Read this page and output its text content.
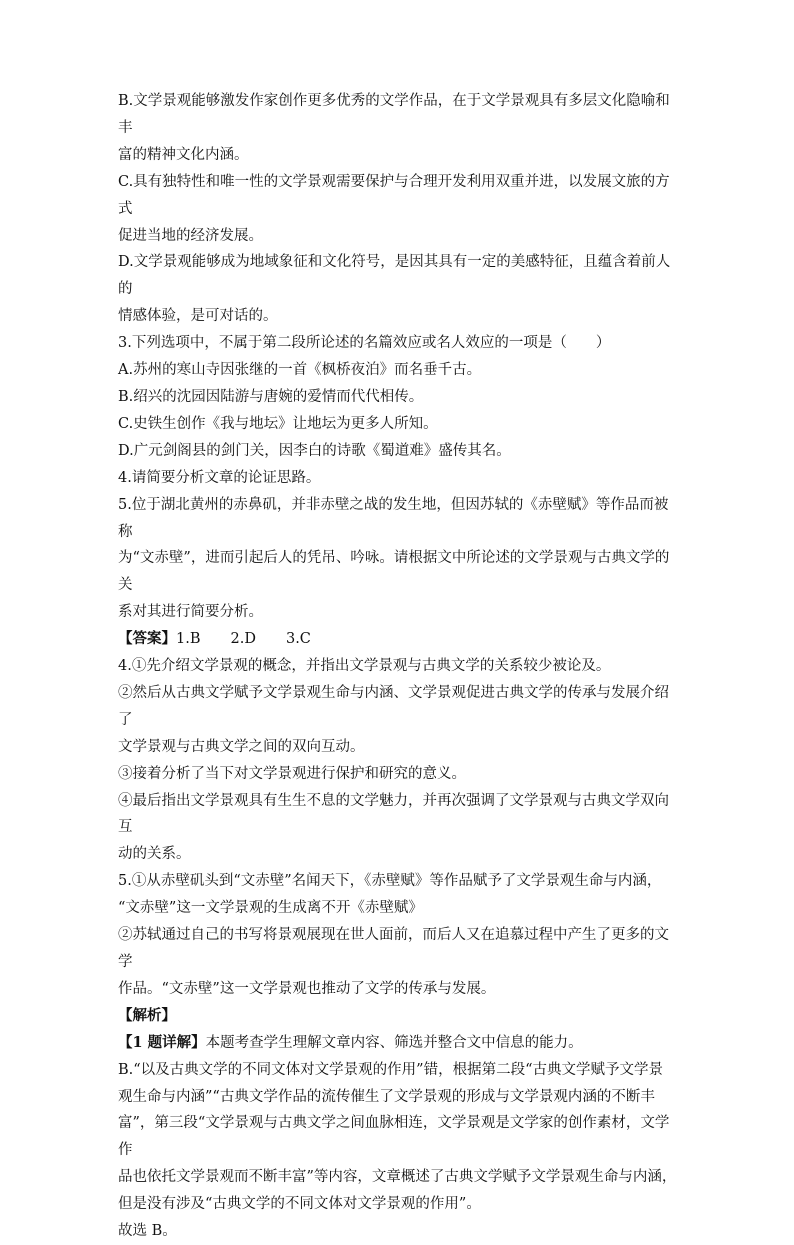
B.文学景观能够激发作家创作更多优秀的文学作品，在于文学景观具有多层文化隐喻和丰

富的精神文化内涵。

C.具有独特性和唯一性的文学景观需要保护与合理开发利用双重并进，以发展文旅的方式

促进当地的经济发展。

D.文学景观能够成为地域象征和文化符号，是因其具有一定的美感特征，且蕴含着前人的

情感体验，是可对话的。

3.下列选项中，不属于第二段所论述的名篇效应或名人效应的一项是（　　）

A.苏州的寒山寺因张继的一首《枫桥夜泊》而名垂千古。

B.绍兴的沈园因陆游与唐婉的爱情而代代相传。

C.史铁生创作《我与地坛》让地坛为更多人所知。

D.广元剑阁县的剑门关，因李白的诗歌《蜀道难》盛传其名。

4.请简要分析文章的论证思路。

5.位于湖北黄州的赤鼻矶，并非赤壁之战的发生地，但因苏轼的《赤壁赋》等作品而被称

为“文赤壁”，进而引起后人的凭吊、吟咏。请根据文中所论述的文学景观与古典文学的关

系对其进行简要分析。

【答案】1.B 2.D 3.C

4.①先介绍文学景观的概念，并指出文学景观与古典文学的关系较少被论及。

②然后从古典文学赋予文学景观生命与内涵、文学景观促进古典文学的传承与发展介绍了

文学景观与古典文学之间的双向互动。

③接着分析了当下对文学景观进行保护和研究的意义。

④最后指出文学景观具有生生不息的文学魅力，并再次强调了文学景观与古典文学双向互

动的关系。

5.①从赤壁矶头到“文赤壁”名闻天下，《赤壁赋》等作品赋予了文学景观生命与内涵，

“文赤壁”这一文学景观的生成离不开《赤壁赋》

②苏轼通过自己的书写将景观展现在世人面前，而后人又在追慕过程中产生了更多的文学

作品。“文赤壁”这一文学景观也推动了文学的传承与发展。

【解析】

【1 题详解】本题考查学生理解文章内容、筛选并整合文中信息的能力。

B.“以及古典文学的不同文体对文学景观的作用”错，根据第二段“古典文学赋予文学景

观生命与内涵”“古典文学作品的流传催生了文学景观的形成与文学景观内涵的不断丰

富”，第三段“文学景观与古典文学之间血脉相连，文学景观是文学家的创作素材，文学作

品也依托文学景观而不断丰富”等内容，文章概述了古典文学赋予文学景观生命与内涵，

但是没有涉及“古典文学的不同文体对文学景观的作用”。

故选 B。
